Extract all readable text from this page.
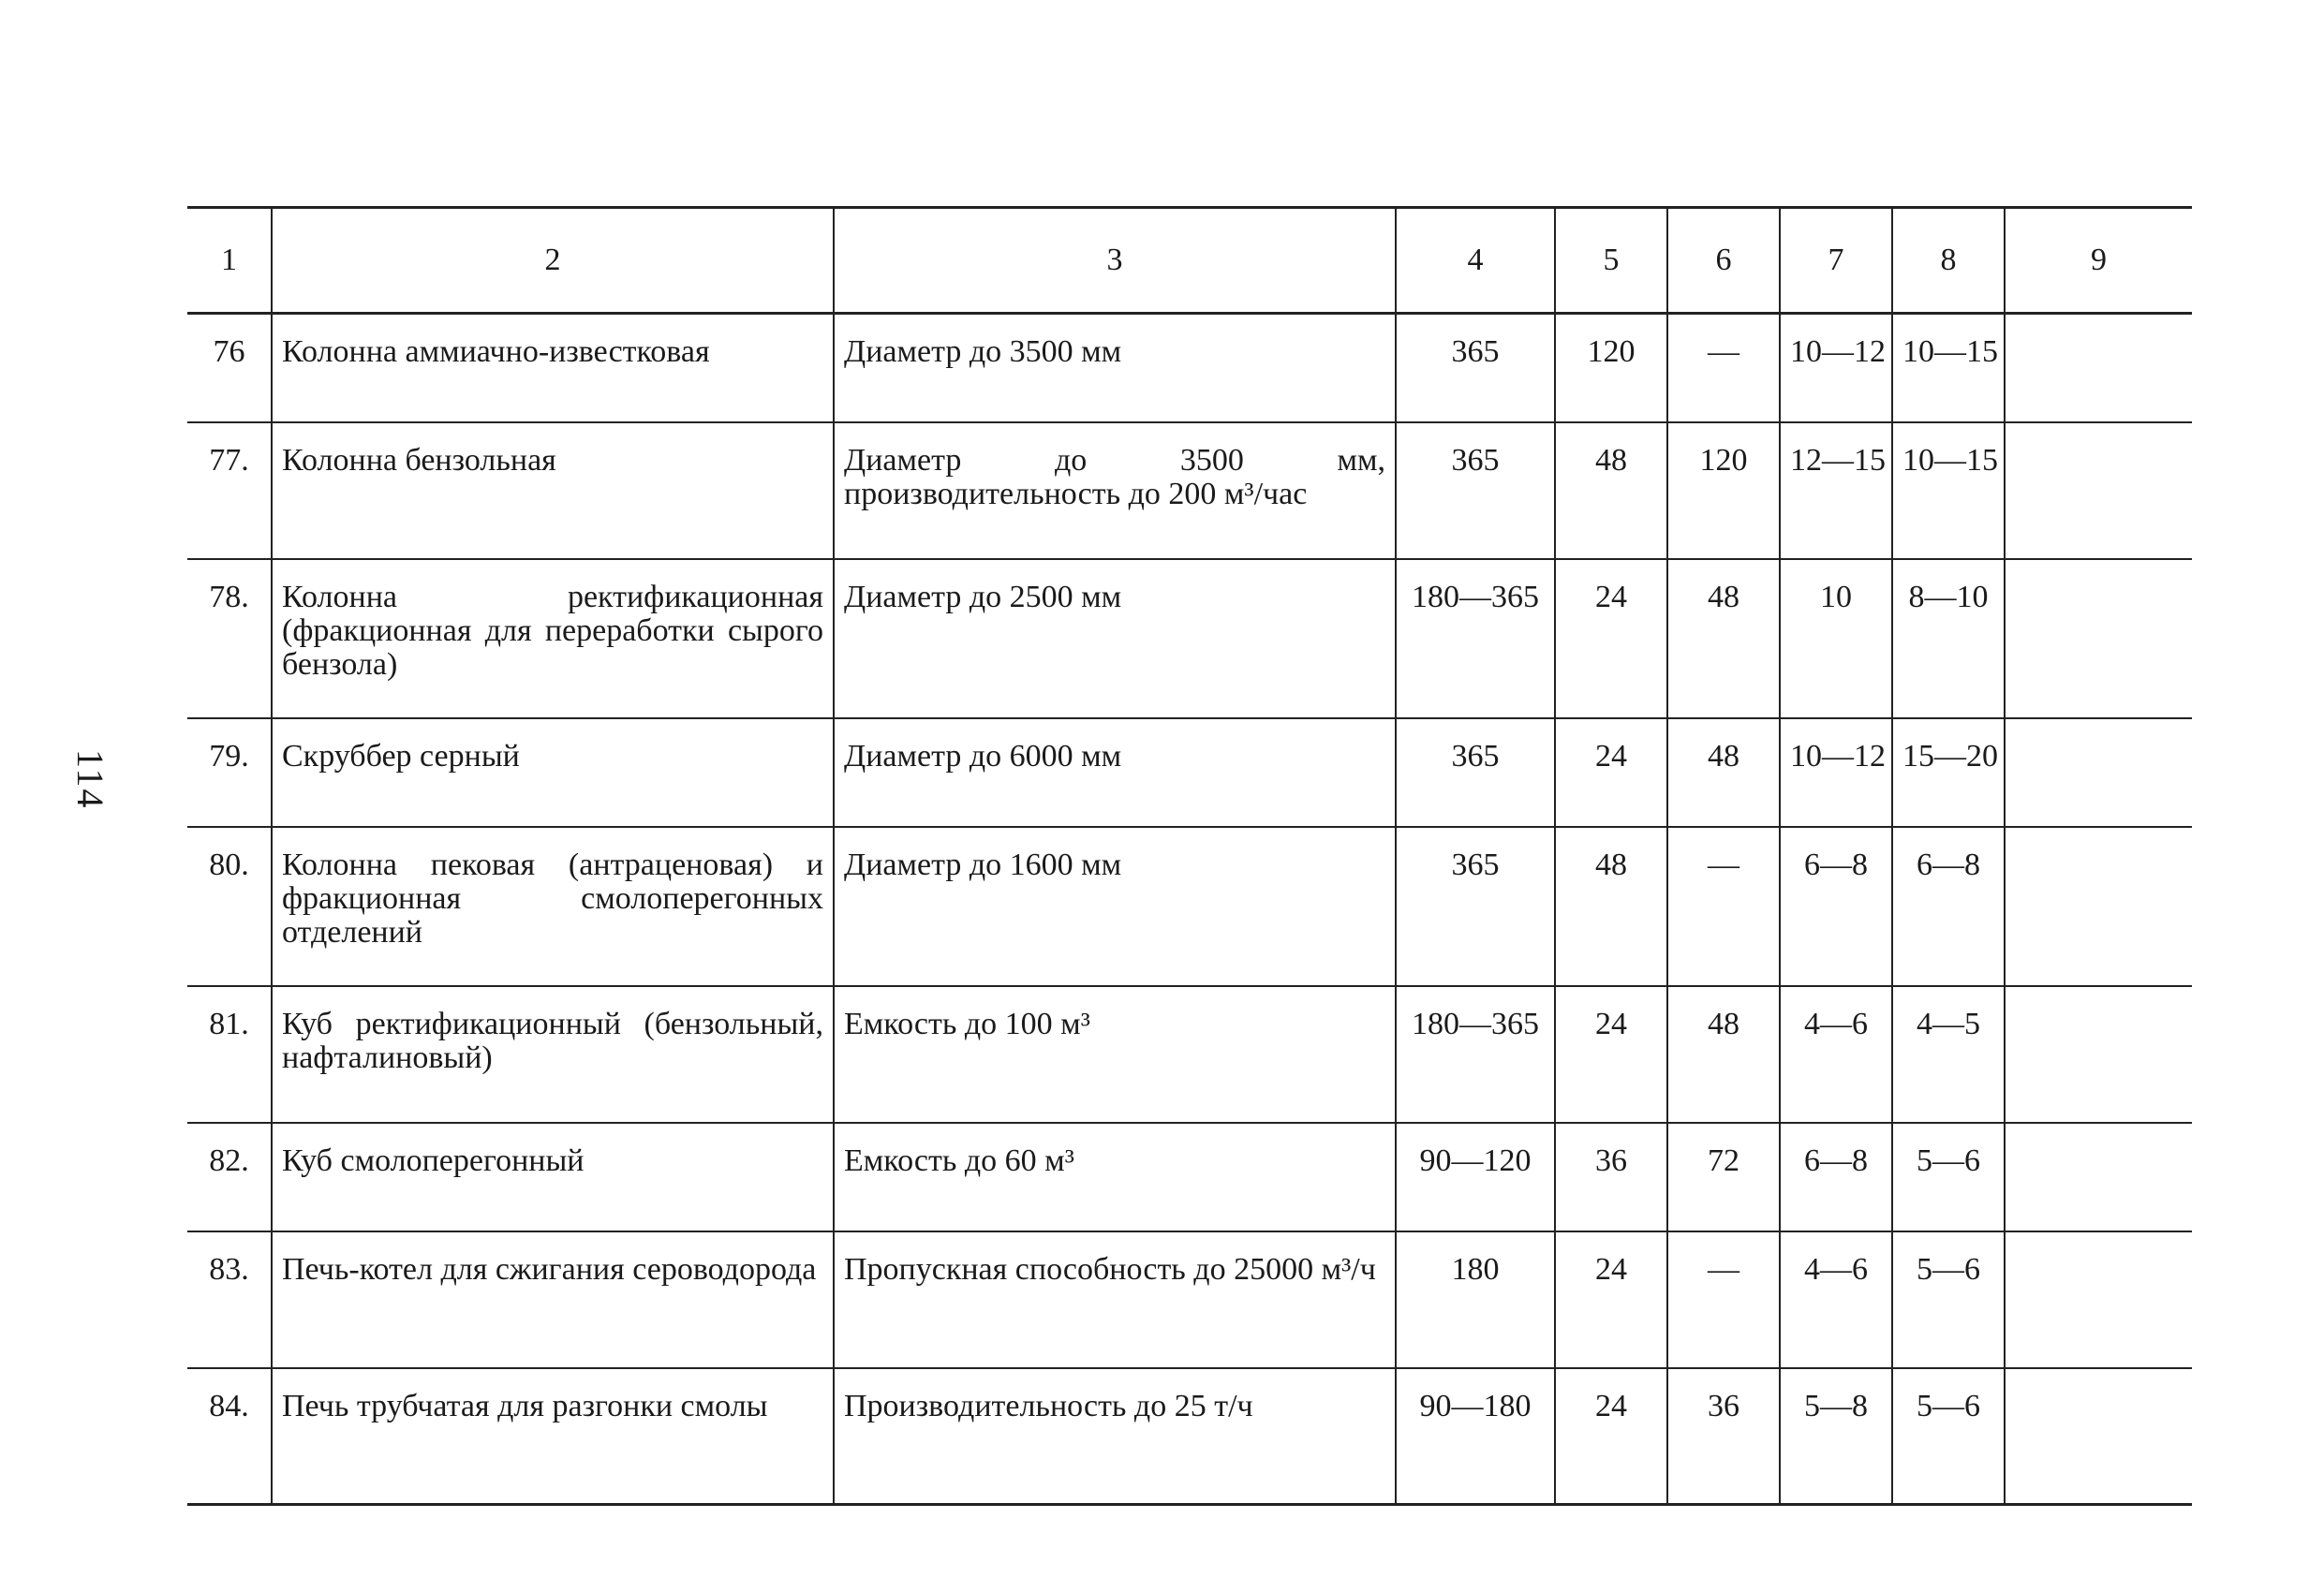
114
1	2	3	4	5	6	7	8	9
76	Колонна аммиачно-известковая	Диаметр до 3500 мм	365	120	—	10—12	10—15	
77.	Колонна бензольная	Диаметр до 3500 мм, производительность до 200 м³/час	365	48	120	12—15	10—15	
78.	Колонна ректификационная (фракционная для переработки сырого бензола)	Диаметр до 2500 мм	180—365	24	48	10	8—10	
79.	Скруббер серный	Диаметр до 6000 мм	365	24	48	10—12	15—20	
80.	Колонна пековая (антраценовая) и фракционная смолоперегонных отделений	Диаметр до 1600 мм	365	48	—	6—8	6—8	
81.	Куб ректификационный (бензольный, нафталиновый)	Емкость до 100 м³	180—365	24	48	4—6	4—5	
82.	Куб смолоперегонный	Емкость до 60 м³	90—120	36	72	6—8	5—6	
83.	Печь-котел для сжигания сероводорода	Пропускная способность до 25000 м³/ч	180	24	—	4—6	5—6	
84.	Печь трубчатая для разгонки смолы	Производительность до 25 т/ч	90—180	24	36	5—8	5—6	
